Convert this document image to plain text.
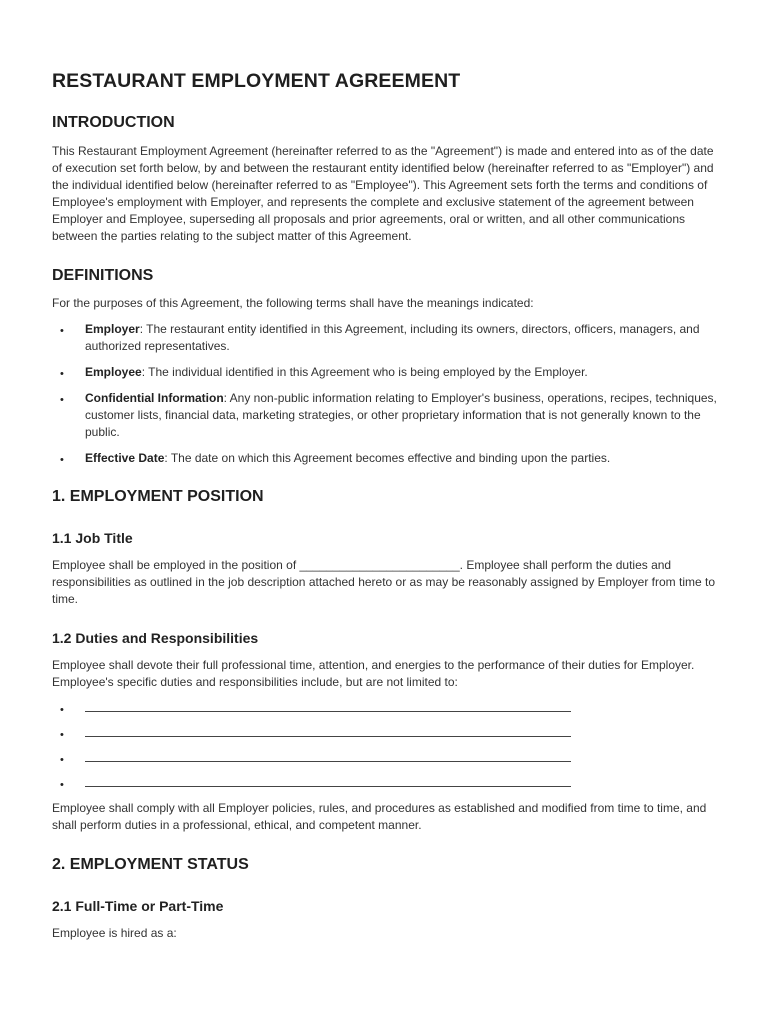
RESTAURANT EMPLOYMENT AGREEMENT
INTRODUCTION

This Restaurant Employment Agreement (hereinafter referred to as the "Agreement") is made and entered into as of the date of execution set forth below, by and between the restaurant entity identified below (hereinafter referred to as "Employer") and the individual identified below (hereinafter referred to as "Employee"). This Agreement sets forth the terms and conditions of Employee's employment with Employer, and represents the complete and exclusive statement of the agreement between Employer and Employee, superseding all proposals and prior agreements, oral or written, and all other communications between the parties relating to the subject matter of this Agreement.

DEFINITIONS

For the purposes of this Agreement, the following terms shall have the meanings indicated:

• Employer: The restaurant entity identified in this Agreement, including its owners, directors, officers, managers, and authorized representatives.
• Employee: The individual identified in this Agreement who is being employed by the Employer.
• Confidential Information: Any non-public information relating to Employer's business, operations, recipes, techniques, customer lists, financial data, marketing strategies, or other proprietary information that is not generally known to the public.
• Effective Date: The date on which this Agreement becomes effective and binding upon the parties.
1. EMPLOYMENT POSITION
1.1 Job Title

Employee shall be employed in the position of ________________________. Employee shall perform the duties and responsibilities as outlined in the job description attached hereto or as may be reasonably assigned by Employer from time to time.

1.2 Duties and Responsibilities

Employee shall devote their full professional time, attention, and energies to the performance of their duties for Employer. Employee's specific duties and responsibilities include, but are not limited to:

•
•
•
•

Employee shall comply with all Employer policies, rules, and procedures as established and modified from time to time, and shall perform duties in a professional, ethical, and competent manner.

2. EMPLOYMENT STATUS
2.1 Full-Time or Part-Time

Employee is hired as a:
